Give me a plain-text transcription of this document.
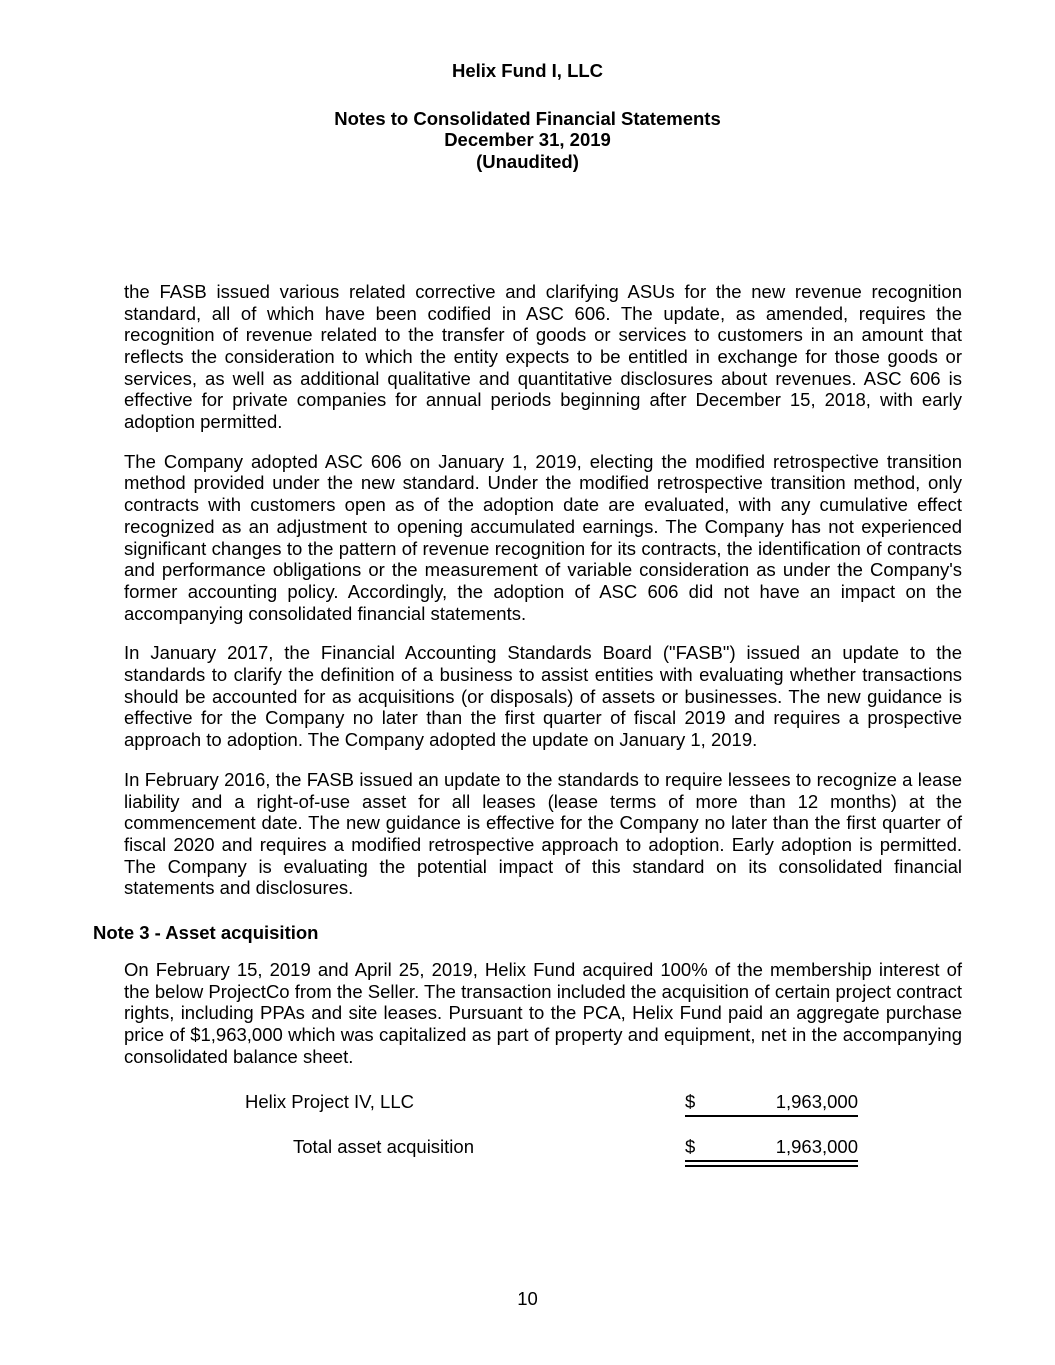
Helix Fund I, LLC
Notes to Consolidated Financial Statements
December 31, 2019
(Unaudited)

the FASB issued various related corrective and clarifying ASUs for the new revenue recognition standard, all of which have been codified in ASC 606. The update, as amended, requires the recognition of revenue related to the transfer of goods or services to customers in an amount that reflects the consideration to which the entity expects to be entitled in exchange for those goods or services, as well as additional qualitative and quantitative disclosures about revenues. ASC 606 is effective for private companies for annual periods beginning after December 15, 2018, with early adoption permitted.

The Company adopted ASC 606 on January 1, 2019, electing the modified retrospective transition method provided under the new standard. Under the modified retrospective transition method, only contracts with customers open as of the adoption date are evaluated, with any cumulative effect recognized as an adjustment to opening accumulated earnings. The Company has not experienced significant changes to the pattern of revenue recognition for its contracts, the identification of contracts and performance obligations or the measurement of variable consideration as under the Company's former accounting policy. Accordingly, the adoption of ASC 606 did not have an impact on the accompanying consolidated financial statements.

In January 2017, the Financial Accounting Standards Board ("FASB") issued an update to the standards to clarify the definition of a business to assist entities with evaluating whether transactions should be accounted for as acquisitions (or disposals) of assets or businesses. The new guidance is effective for the Company no later than the first quarter of fiscal 2019 and requires a prospective approach to adoption. The Company adopted the update on January 1, 2019.

In February 2016, the FASB issued an update to the standards to require lessees to recognize a lease liability and a right-of-use asset for all leases (lease terms of more than 12 months) at the commencement date. The new guidance is effective for the Company no later than the first quarter of fiscal 2020 and requires a modified retrospective approach to adoption. Early adoption is permitted. The Company is evaluating the potential impact of this standard on its consolidated financial statements and disclosures.

Note 3 - Asset acquisition

On February 15, 2019 and April 25, 2019, Helix Fund acquired 100% of the membership interest of the below ProjectCo from the Seller. The transaction included the acquisition of certain project contract rights, including PPAs and site leases. Pursuant to the PCA, Helix Fund paid an aggregate purchase price of $1,963,000 which was capitalized as part of property and equipment, net in the accompanying consolidated balance sheet.

Helix Project IV, LLC	$	1,963,000
Total asset acquisition	$	1,963,000
10
